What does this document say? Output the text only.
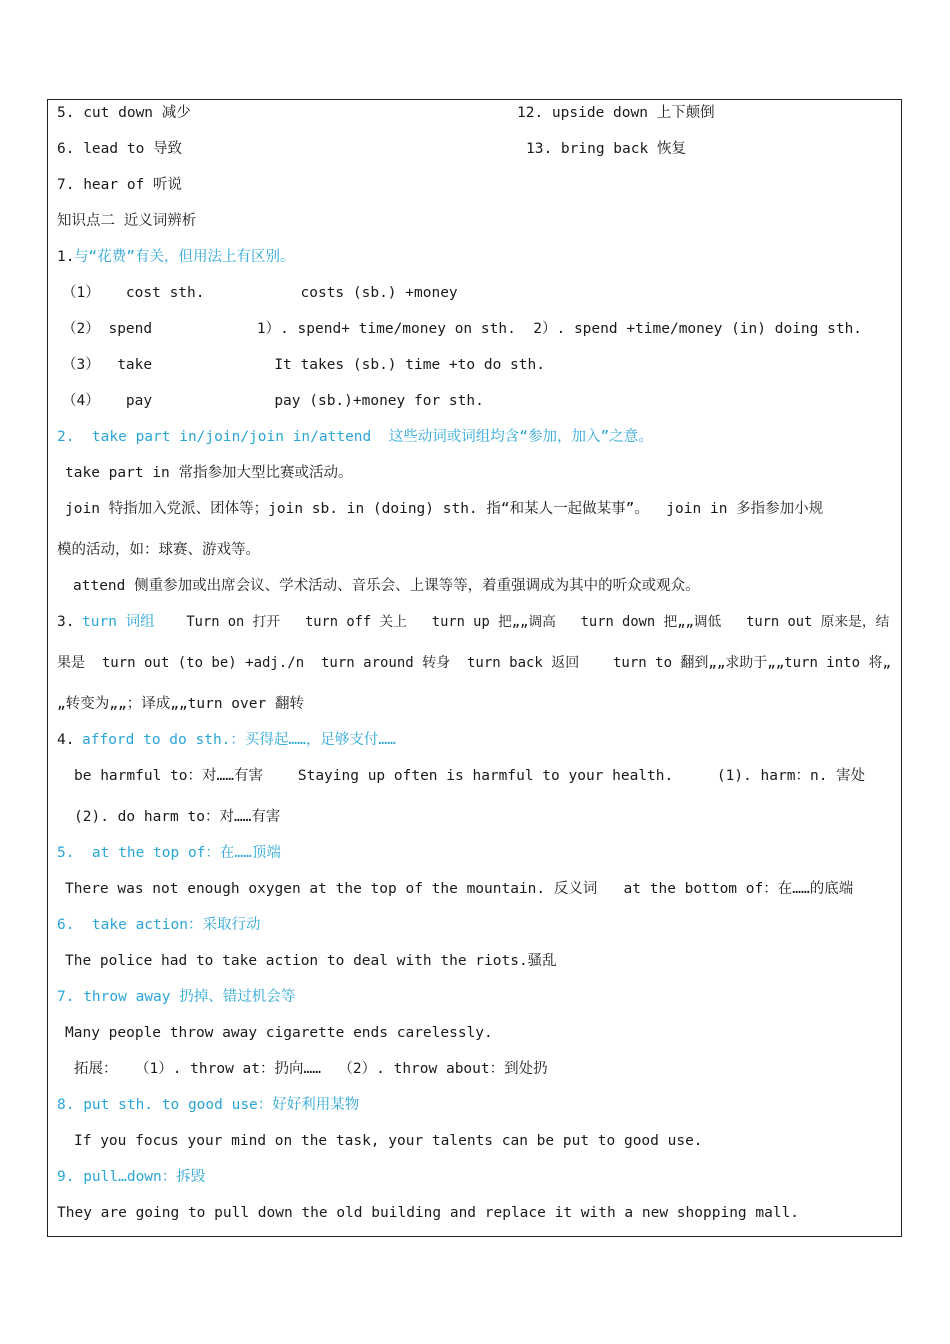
5. cut down 减少	12. upside down 上下颠倒
6. lead to 导致	13. bring back 恢复
7. hear of 听说
知识点二 近义词辨析
1. 与“花费”有关，但用法上有区别。
（1）   cost sth.           costs (sb.) +money
（2） spend            1）. spend+ time/money on sth.  2）. spend +time/money (in) doing sth.
（3）  take              It takes (sb.) time +to do sth.
（4）   pay              pay (sb.)+money for sth.
2.  take part in/join/join in/attend  这些动词或词组均含“参加，加入”之意。
take part in 常指参加大型比赛或活动。
join 特指加入党派、团体等；join sb. in (doing) sth. 指“和某人一起做某事”。  join in 多指参加小规
模的活动，如：球赛、游戏等。
attend 侧重参加或出席会议、学术活动、音乐会、上课等等，着重强调成为其中的听众或观众。
3.
turn 词组
Turn on 打开   turn off 关上   turn up 把„„调高   turn down 把„„调低   turn out 原来是，结
果是  turn out (to be) +adj./n  turn around 转身  turn back 返回    turn to 翻到„„求助于„„turn into 将„
„转变为„„；译成„„turn over 翻转
4.
afford to do sth.：买得起……，足够支付……
be harmful to：对……有害    Staying up often is harmful to your health.     (1). harm：n. 害处
(2). do harm to：对……有害
5.  at the top of：在……顶端
There was not enough oxygen at the top of the mountain. 反义词   at the bottom of：在……的底端
6.  take action：采取行动
The police had to take action to deal with the riots.骚乱
7. throw away 扔掉、错过机会等
Many people throw away cigarette ends carelessly.
拓展：  （1）. throw at：扔向……  （2）. throw about：到处扔
8. put sth. to good use：好好利用某物
If you focus your mind on the task, your talents can be put to good use.
9. pull…down：拆毁
They are going to pull down the old building and replace it with a new shopping mall.
